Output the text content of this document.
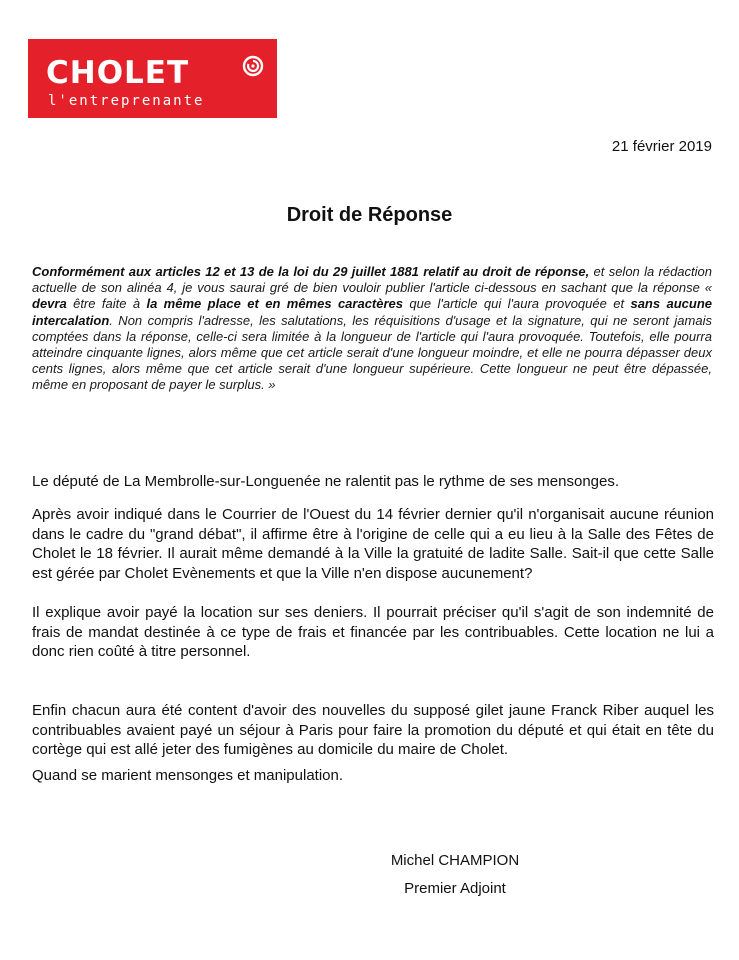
cholet
l'entreprenante
21 février 2019
Droit de Réponse
Conformément aux articles 12 et 13 de la loi du 29 juillet 1881 relatif au droit de réponse, et selon la rédaction actuelle de son alinéa 4, je vous saurai gré de bien vouloir publier l'article ci-dessous en sachant que la réponse « devra être faite à la même place et en mêmes caractères que l'article qui l'aura provoquée et sans aucune intercalation. Non compris l'adresse, les salutations, les réquisitions d'usage et la signature, qui ne seront jamais comptées dans la réponse, celle-ci sera limitée à la longueur de l'article qui l'aura provoquée. Toutefois, elle pourra atteindre cinquante lignes, alors même que cet article serait d'une longueur moindre, et elle ne pourra dépasser deux cents lignes, alors même que cet article serait d'une longueur supérieure. Cette longueur ne peut être dépassée, même en proposant de payer le surplus. »

Le député de La Membrolle-sur-Longuenée ne ralentit pas le rythme de ses mensonges.

Après avoir indiqué dans le Courrier de l'Ouest du 14 février dernier qu'il n'organisait aucune réunion dans le cadre du "grand débat", il affirme être à l'origine de celle qui a eu lieu à la Salle des Fêtes de Cholet le 18 février. Il aurait même demandé à la Ville la gratuité de ladite Salle. Sait-il que cette Salle est gérée par Cholet Evènements et que la Ville n'en dispose aucunement?

Il explique avoir payé la location sur ses deniers. Il pourrait préciser qu'il s'agit de son indemnité de frais de mandat destinée à ce type de frais et financée par les contribuables. Cette location ne lui a donc rien coûté à titre personnel.

Enfin chacun aura été content d'avoir des nouvelles du supposé gilet jaune Franck Riber auquel les contribuables avaient payé un séjour à Paris pour faire la promotion du député et qui était en tête du cortège qui est allé jeter des fumigènes au domicile du maire de Cholet.

Quand se marient mensonges et manipulation.

Michel CHAMPION
Premier Adjoint
